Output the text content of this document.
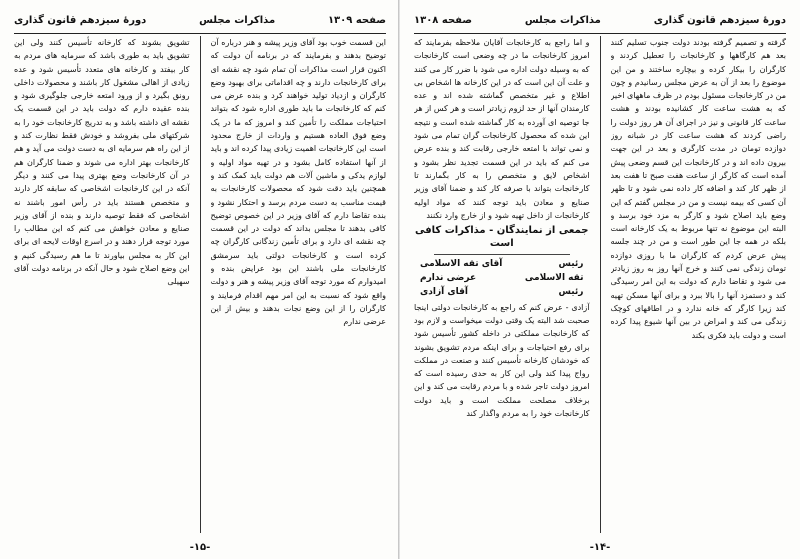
صفحه ۱۳۰۹
مذاکرات مجلس
دورهٔ سیزدهم قانون گذاری

این قسمت خوب بود آقای وزیر پیشه و هنر درباره آن توضیح بدهند و بفرمایند که در برنامه آن دولت که اکنون قرار است مذاکرات آن تمام شود چه نقشه ای برای کارخانجات دارند و چه اقداماتی برای بهبود وضع کارگران و ازدیاد تولید خواهند کرد و بنده عرض می کنم که کارخانجات ما باید طوری اداره شود که بتواند احتیاجات مملکت را تأمین کند و امروز که ما در یک وضع فوق العاده هستیم و واردات از خارج محدود است این کارخانجات اهمیت زیادی پیدا کرده اند و باید از آنها استفاده کامل بشود و در تهیه مواد اولیه و لوازم یدکی و ماشین آلات هم دولت باید کمک کند و همچنین باید دقت شود که محصولات کارخانجات به قیمت مناسب به دست مردم برسد و احتکار نشود و بنده تقاضا دارم که آقای وزیر در این خصوص توضیح کافی بدهند تا مجلس بداند که دولت در این قسمت چه نقشه ای دارد و برای تأمین زندگانی کارگران چه کرده است و کارخانجات دولتی باید سرمشق کارخانجات ملی باشند این بود عرایض بنده و امیدوارم که مورد توجه آقای وزیر پیشه و هنر و دولت واقع شود که نسبت به این امر مهم اقدام فرمایند و کارگران را از این وضع نجات بدهند و بیش از این عرضی ندارم

تشویق بشوند که کارخانه تأسیس کنند ولی این تشویق باید به طوری باشد که سرمایه های مردم به کار بیفتد و کارخانه های متعدد تأسیس شود و عده زیادی از اهالی مشغول کار باشند و محصولات داخلی رونق بگیرد و از ورود امتعه خارجی جلوگیری شود و بنده عقیده دارم که دولت باید در این قسمت یک نقشه ای داشته باشد و به تدریج کارخانجات خود را به شرکتهای ملی بفروشد و خودش فقط نظارت کند و از این راه هم سرمایه ای به دست دولت می آید و هم کارخانجات بهتر اداره می شوند و ضمنا کارگران هم در آن کارخانجات وضع بهتری پیدا می کنند و دیگر آنکه در این کارخانجات اشخاصی که سابقه کار دارند و متخصص هستند باید در رأس امور باشند نه اشخاصی که فقط توصیه دارند و بنده از آقای وزیر صنایع و معادن خواهش می کنم که این مطالب را مورد توجه قرار دهند و در اسرع اوقات لایحه ای برای این کار به مجلس بیاورند تا ما هم رسیدگی کنیم و این وضع اصلاح شود و حال آنکه در برنامه دولت آقای سهیلی

-۱۵-
دورهٔ سیزدهم قانون گذاری
مذاکرات مجلس
صفحه ۱۳۰۸

گرفته و تصمیم گرفته بودند دولت جنوب تسلیم کنند بعد هم کارگاهها و کارخانجات را تعطیل کردند و کارگران را بیکار کرده و بیچاره ساختند و من این موضوع را بعد از آن به عرض مجلس رسانیدم و چون من در کارخانجات مسئول بودم در ظرف ماههای اخیر که به هشت ساعت کار کشانیده بودند و هشت ساعت کار قانونی و نیز در اجرای آن هر روز دولت را راضی کردند که هشت ساعت کار در شبانه روز دوازده تومان در مدت کارگری و بعد در این جهت بیرون داده اند و در کارخانجات این قسم وضعی پیش آمده است که کارگر از ساعت هفت صبح تا هفت بعد از ظهر کار کند و اضافه کار داده نمی شود و تا ظهر آن کسی که بیمه نیست و من در مجلس گفتم که این وضع باید اصلاح شود و کارگر به مزد خود برسد و البته این موضوع نه تنها مربوط به یک کارخانه است بلکه در همه جا این طور است و من در چند جلسه پیش عرض کردم که کارگران ما با روزی دوازده تومان زندگی نمی کنند و خرج آنها روز به روز زیادتر می شود و تقاضا دارم که دولت به این امر رسیدگی کند و دستمزد آنها را بالا ببرد و برای آنها مسکن تهیه کند زیرا کارگر که خانه ندارد و در اطاقهای کوچک زندگی می کند و امراض در بین آنها شیوع پیدا کرده است و دولت باید فکری بکند

و اما راجع به کارخانجات آقایان ملاحظه بفرمایند که امروز کارخانجات ما در چه وضعی است کارخانجات که به وسیله دولت اداره می شود با ضرر کار می کنند و علت آن این است که در این کارخانه ها اشخاص بی اطلاع و غیر متخصص گماشته شده اند و عده کارمندان آنها از حد لزوم زیادتر است و هر کس از هر جا توصیه ای آورده به کار گماشته شده است و نتیجه این شده که محصول کارخانجات گران تمام می شود و نمی تواند با امتعه خارجی رقابت کند و بنده عرض می کنم که باید در این قسمت تجدید نظر بشود و اشخاص لایق و متخصص را به کار بگمارند تا کارخانجات بتواند با صرفه کار کند و ضمنا آقای وزیر صنایع و معادن باید توجه کنند که مواد اولیه کارخانجات از داخل تهیه شود و از خارج وارد نکنند

جمعی از نمایندگان - مذاکرات کافی است
رئیس
آقای تقه الاسلامی
تقه الاسلامی
عرضی ندارم
رئیس
آقای آزادی

آزادی - عرض کنم که راجع به کارخانجات دولتی اینجا صحبت شد البته یک وقتی دولت میخواست و لازم بود که کارخانجات مملکتی در داخله کشور تأسیس شود برای رفع احتیاجات و برای اینکه مردم تشویق بشوند که خودشان کارخانه تأسیس کنند و صنعت در مملکت رواج پیدا کند ولی این کار به حدی رسیده است که امروز دولت تاجر شده و با مردم رقابت می کند و این برخلاف مصلحت مملکت است و باید دولت کارخانجات خود را به مردم واگذار کند

-۱۴-
